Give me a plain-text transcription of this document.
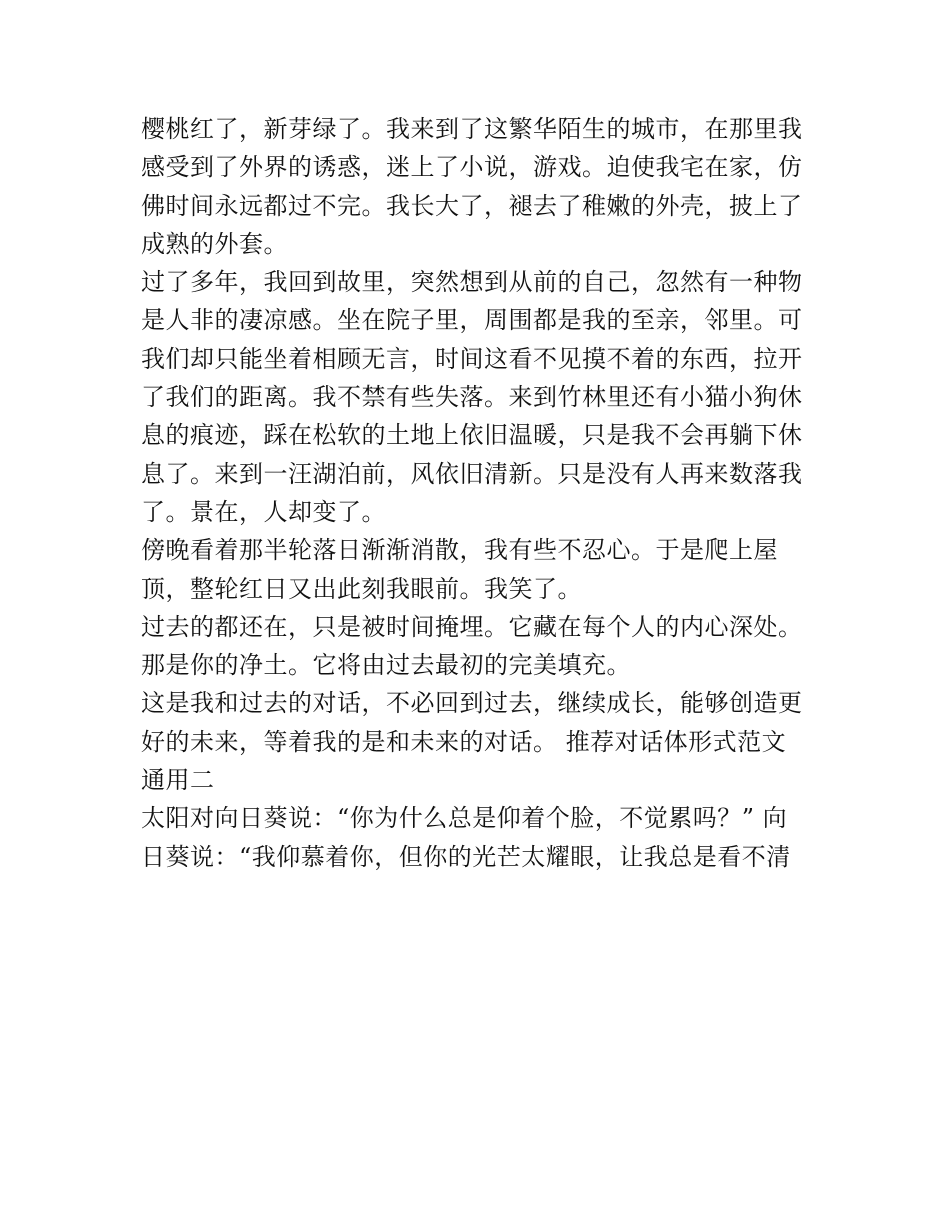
樱桃红了，新芽绿了。我来到了这繁华陌生的城市，在那里我
感受到了外界的诱惑，迷上了小说，游戏。迫使我宅在家，仿
佛时间永远都过不完。我长大了，褪去了稚嫩的外壳，披上了
成熟的外套。
过了多年，我回到故里，突然想到从前的自己，忽然有一种物
是人非的凄凉感。坐在院子里，周围都是我的至亲，邻里。可
我们却只能坐着相顾无言，时间这看不见摸不着的东西，拉开
了我们的距离。我不禁有些失落。来到竹林里还有小猫小狗休
息的痕迹，踩在松软的土地上依旧温暖，只是我不会再躺下休
息了。来到一汪湖泊前，风依旧清新。只是没有人再来数落我
了。景在，人却变了。
傍晚看着那半轮落日渐渐消散，我有些不忍心。于是爬上屋
顶，整轮红日又出此刻我眼前。我笑了。
过去的都还在，只是被时间掩埋。它藏在每个人的内心深处。
那是你的净土。它将由过去最初的完美填充。
这是我和过去的对话，不必回到过去，继续成长，能够创造更
好的未来，等着我的是和未来的对话。 推荐对话体形式范文
通用二
太阳对向日葵说：“你为什么总是仰着个脸，不觉累吗？” 向
日葵说：“我仰慕着你，但你的光芒太耀眼，让我总是看不清
